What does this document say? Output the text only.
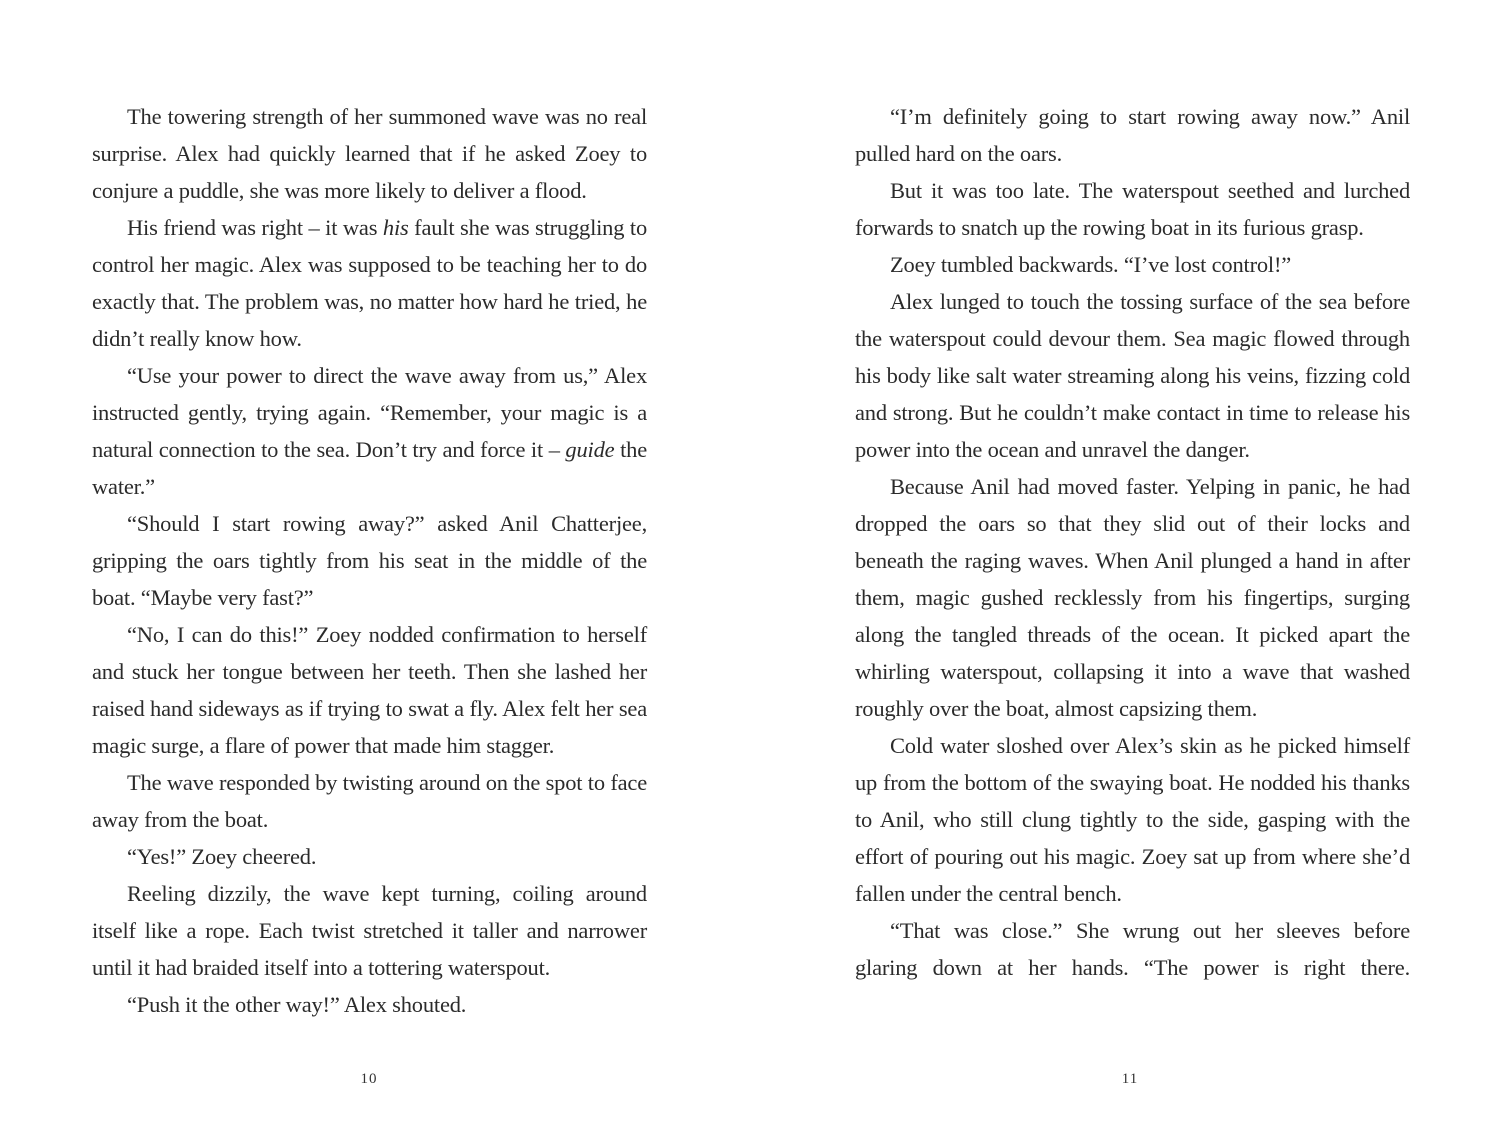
The towering strength of her summoned wave was no real surprise. Alex had quickly learned that if he asked Zoey to conjure a puddle, she was more likely to deliver a flood.

His friend was right – it was his fault she was struggling to control her magic. Alex was supposed to be teaching her to do exactly that. The problem was, no matter how hard he tried, he didn’t really know how.

“Use your power to direct the wave away from us,” Alex instructed gently, trying again. “Remember, your magic is a natural connection to the sea. Don’t try and force it – guide the water.”

“Should I start rowing away?” asked Anil Chatterjee, gripping the oars tightly from his seat in the middle of the boat. “Maybe very fast?”

“No, I can do this!” Zoey nodded confirmation to herself and stuck her tongue between her teeth. Then she lashed her raised hand sideways as if trying to swat a fly. Alex felt her sea magic surge, a flare of power that made him stagger.

The wave responded by twisting around on the spot to face away from the boat.

“Yes!” Zoey cheered.

Reeling dizzily, the wave kept turning, coiling around itself like a rope. Each twist stretched it taller and narrower until it had braided itself into a tottering waterspout.

“Push it the other way!” Alex shouted.

“I’m definitely going to start rowing away now.” Anil pulled hard on the oars.

But it was too late. The waterspout seethed and lurched forwards to snatch up the rowing boat in its furious grasp.

Zoey tumbled backwards. “I’ve lost control!”

Alex lunged to touch the tossing surface of the sea before the waterspout could devour them. Sea magic flowed through his body like salt water streaming along his veins, fizzing cold and strong. But he couldn’t make contact in time to release his power into the ocean and unravel the danger.

Because Anil had moved faster. Yelping in panic, he had dropped the oars so that they slid out of their locks and beneath the raging waves. When Anil plunged a hand in after them, magic gushed recklessly from his fingertips, surging along the tangled threads of the ocean. It picked apart the whirling waterspout, collapsing it into a wave that washed roughly over the boat, almost capsizing them.

Cold water sloshed over Alex’s skin as he picked himself up from the bottom of the swaying boat. He nodded his thanks to Anil, who still clung tightly to the side, gasping with the effort of pouring out his magic. Zoey sat up from where she’d fallen under the central bench.

“That was close.” She wrung out her sleeves before glaring down at her hands. “The power is right there.

10	11
